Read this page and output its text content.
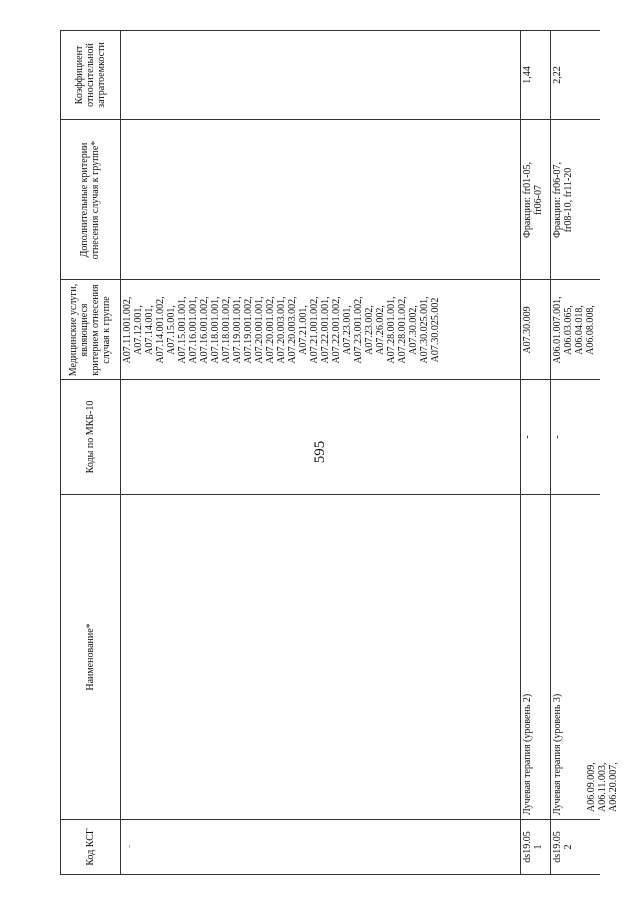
595
Код КСГ
Наименование*
Коды по МКБ-10
Медицинские услуги, являющиеся критерием отнесения случая к группе
Дополнительные критерии отнесения случая к группе*
Коэффициент относительной затратоемкости
-
A07.11.001.002, A07.12.001, A07.14.001, A07.14.001.002, A07.15.001, A07.15.001.001, A07.16.001.001, A07.16.001.002, A07.18.001.001, A07.18.001.002, A07.19.001.001, A07.19.001.002, A07.20.001.001, A07.20.001.002, A07.20.003.001, A07.20.003.002, A07.21.001, A07.21.001.002, A07.22.001.001, A07.22.001.002, A07.23.001, A07.23.001.002, A07.23.002, A07.26.002, A07.28.001.001, A07.28.001.002, A07.30.002, A07.30.025.001, A07.30.025.002
ds19.05 1
Лучевая терапия (уровень 2)
-
A07.30.009
Фракции: fr01-05, fr06-07
1,44
ds19.05 2
Лучевая терапия (уровень 3)
-
A06.01.007.001, A06.03.065, A06.04.018, A06.08.008,
Фракции: fr06-07, fr08-10, fr11-20
2,22
A06.09.009, A06.11.003, A06.20.007,
